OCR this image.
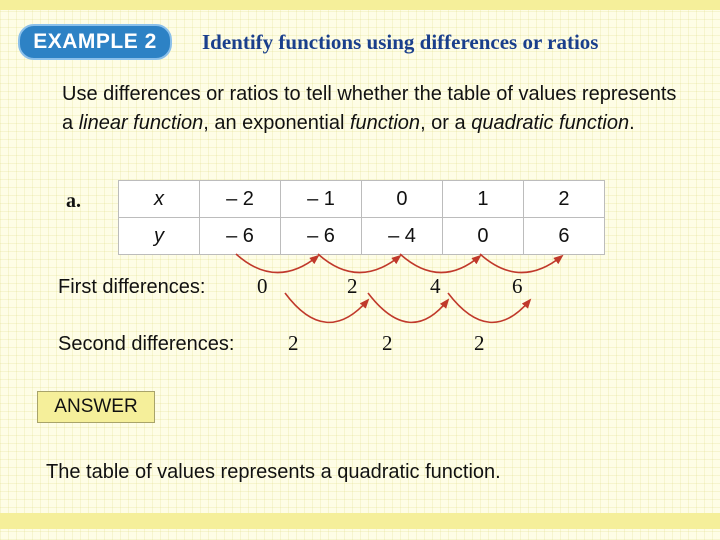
EXAMPLE 2	Identify functions using differences or ratios
Use differences or ratios to tell whether the table of values represents a linear function, an exponential function, or a quadratic function.
a.	x	– 2	– 1	0	1	2
y	– 6	– 6	– 4	0	6
First differences: 0	2	4	6
Second differences:	2	2	2
ANSWER
The table of values represents a quadratic function.
